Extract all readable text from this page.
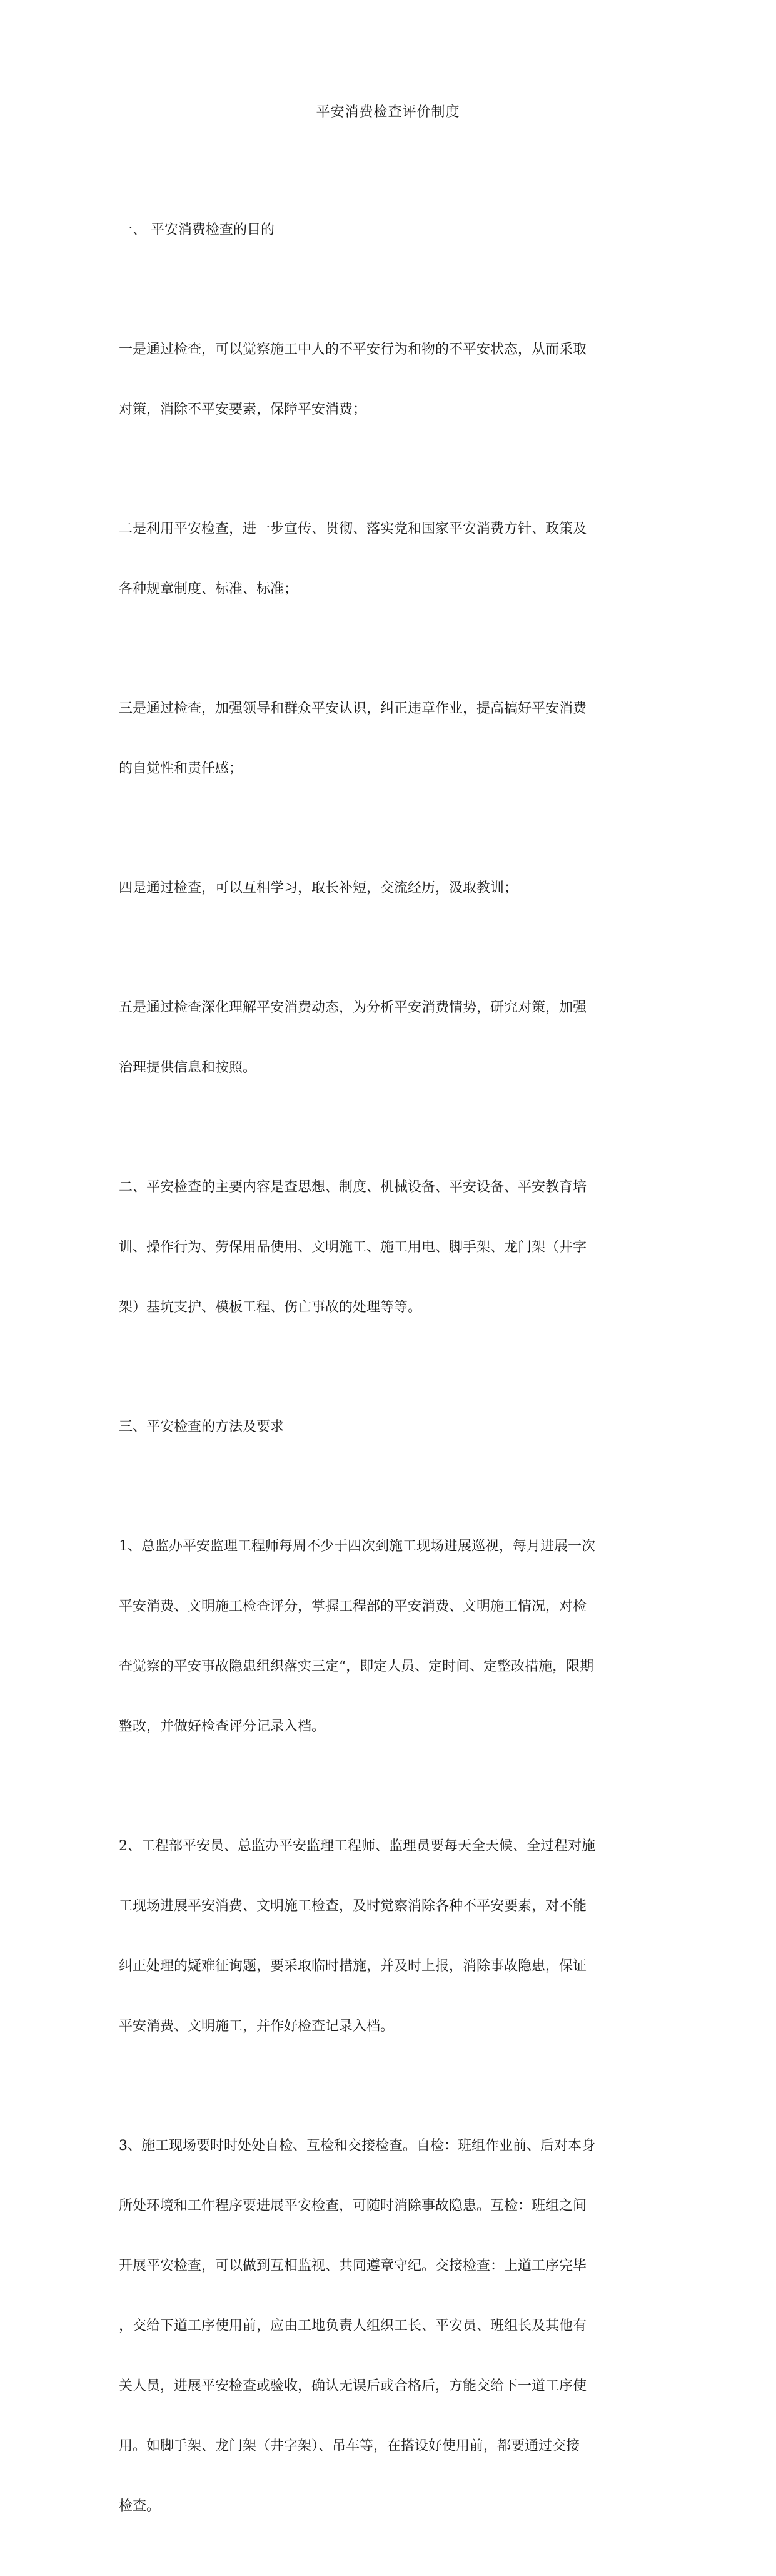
平安消费检查评价制度

一、 平安消费检查的目的

一是通过检查，可以觉察施工中人的不平安行为和物的不平安状态，从而采取

对策，消除不平安要素，保障平安消费；

二是利用平安检查，进一步宣传、贯彻、落实党和国家平安消费方针、政策及

各种规章制度、标准、标准；

三是通过检查，加强领导和群众平安认识，纠正违章作业，提高搞好平安消费

的自觉性和责任感；

四是通过检查，可以互相学习，取长补短，交流经历，汲取教训；

五是通过检查深化理解平安消费动态，为分析平安消费情势，研究对策，加强

治理提供信息和按照。

二、平安检查的主要内容是查思想、制度、机械设备、平安设备、平安教育培

训、操作行为、劳保用品使用、文明施工、施工用电、脚手架、龙门架（井字

架）基坑支护、模板工程、伤亡事故的处理等等。

三、平安检查的方法及要求

1、总监办平安监理工程师每周不少于四次到施工现场进展巡视，每月进展一次

平安消费、文明施工检查评分，掌握工程部的平安消费、文明施工情况，对检

查觉察的平安事故隐患组织落实三定“，即定人员、定时间、定整改措施，限期

整改，并做好检查评分记录入档。

2、工程部平安员、总监办平安监理工程师、监理员要每天全天候、全过程对施

工现场进展平安消费、文明施工检查，及时觉察消除各种不平安要素，对不能

纠正处理的疑难征询题，要采取临时措施，并及时上报，消除事故隐患，保证

平安消费、文明施工，并作好检查记录入档。

3、施工现场要时时处处自检、互检和交接检查。自检：班组作业前、后对本身

所处环境和工作程序要进展平安检查，可随时消除事故隐患。互检：班组之间

开展平安检查，可以做到互相监视、共同遵章守纪。交接检查：上道工序完毕

，交给下道工序使用前，应由工地负责人组织工长、平安员、班组长及其他有

关人员，进展平安检查或验收，确认无误后或合格后，方能交给下一道工序使

用。如脚手架、龙门架（井字架）、吊车等，在搭设好使用前，都要通过交接

检查。
